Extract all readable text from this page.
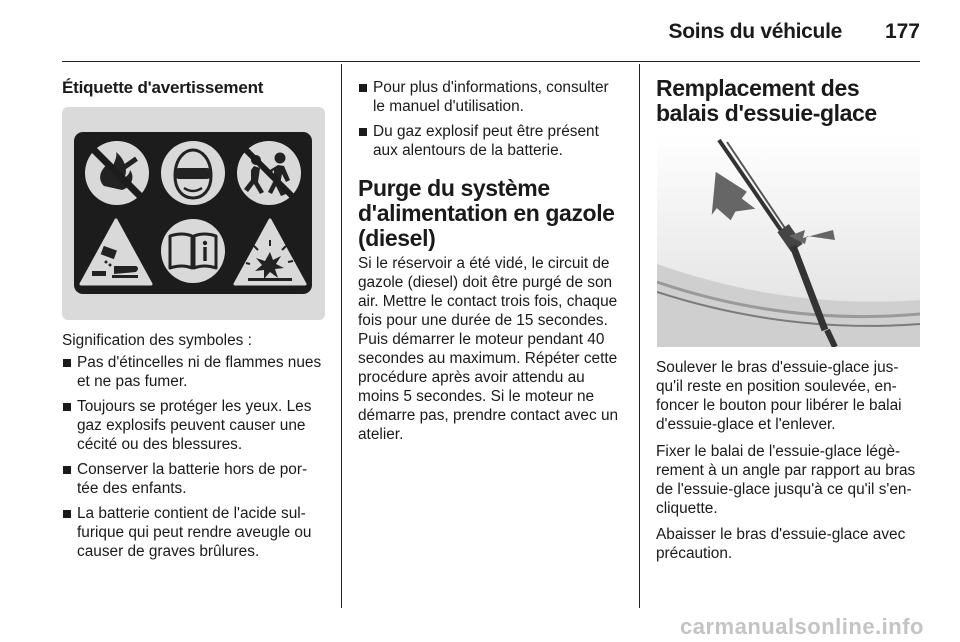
Soins du véhicule 177
Étiquette d'avertissement

Signification des symboles :

Pas d'étincelles ni de flammes nues et ne pas fumer.
Toujours se protéger les yeux. Les gaz explosifs peuvent causer une cécité ou des blessures.
Conserver la batterie hors de por-tée des enfants.
La batterie contient de l'acide sul-furique qui peut rendre aveugle ou causer de graves brûlures.
Pour plus d'informations, consulter le manuel d'utilisation.
Du gaz explosif peut être présent aux alentours de la batterie.
Purge du système d'alimentation en gazole (diesel)

Si le réservoir a été vidé, le circuit de gazole (diesel) doit être purgé de son air. Mettre le contact trois fois, chaque fois pour une durée de 15 secondes. Puis démarrer le moteur pendant 40 secondes au maximum. Répéter cette procédure après avoir attendu au moins 5 secondes. Si le moteur ne démarre pas, prendre contact avec un atelier.

Remplacement des balais d'essuie-glace

Soulever le bras d'essuie-glace jus-qu'il reste en position soulevée, en-foncer le bouton pour libérer le balai d'essuie-glace et l'enlever.

Fixer le balai de l'essuie-glace légè-rement à un angle par rapport au bras de l'essuie-glace jusqu'à ce qu'il s'en-cliquette.

Abaisser le bras d'essuie-glace avec précaution.

carmanualsonline.info
